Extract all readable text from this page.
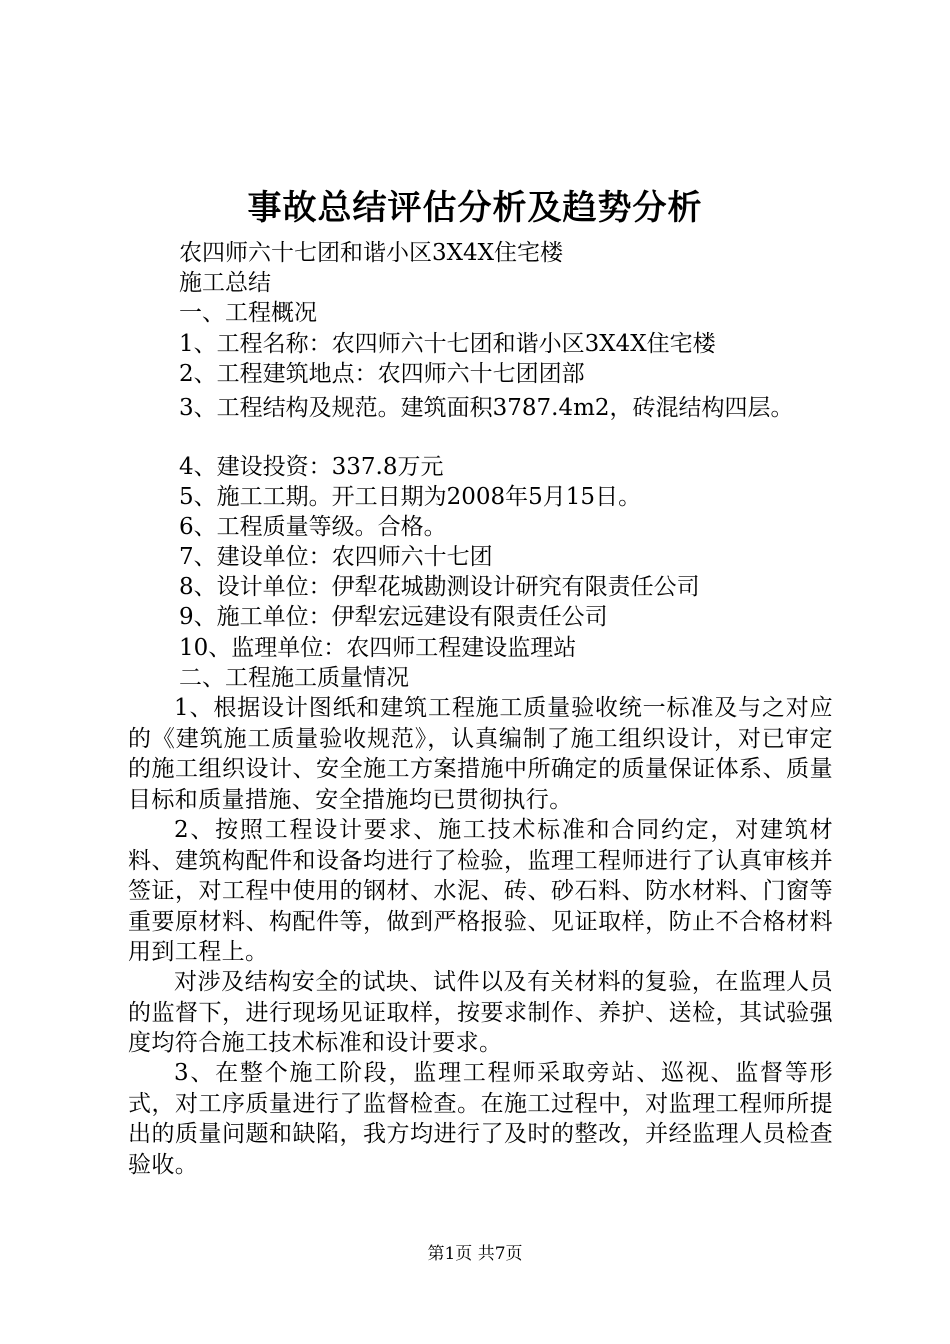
事故总结评估分析及趋势分析
农四师六十七团和谐小区3X4X住宅楼
施工总结
一、工程概况
1、工程名称：农四师六十七团和谐小区3X4X住宅楼
2、工程建筑地点：农四师六十七团团部
3、工程结构及规范。建筑面积3787.4m2，砖混结构四层。
4、建设投资：337.8万元
5、施工工期。开工日期为2008年5月15日。
6、工程质量等级。合格。
7、建设单位：农四师六十七团
8、设计单位：伊犁花城勘测设计研究有限责任公司
9、施工单位：伊犁宏远建设有限责任公司
10、监理单位：农四师工程建设监理站
二、工程施工质量情况
1、根据设计图纸和建筑工程施工质量验收统一标准及与之对应的《建筑施工质量验收规范》，认真编制了施工组织设计，对已审定的施工组织设计、安全施工方案措施中所确定的质量保证体系、质量目标和质量措施、安全措施均已贯彻执行。
2、按照工程设计要求、施工技术标准和合同约定，对建筑材料、建筑构配件和设备均进行了检验，监理工程师进行了认真审核并签证，对工程中使用的钢材、水泥、砖、砂石料、防水材料、门窗等重要原材料、构配件等，做到严格报验、见证取样，防止不合格材料用到工程上。
对涉及结构安全的试块、试件以及有关材料的复验，在监理人员的监督下，进行现场见证取样，按要求制作、养护、送检，其试验强度均符合施工技术标准和设计要求。
3、在整个施工阶段，监理工程师采取旁站、巡视、监督等形式，对工序质量进行了监督检查。在施工过程中，对监理工程师所提出的质量问题和缺陷，我方均进行了及时的整改，并经监理人员检查验收。
第1页 共7页
